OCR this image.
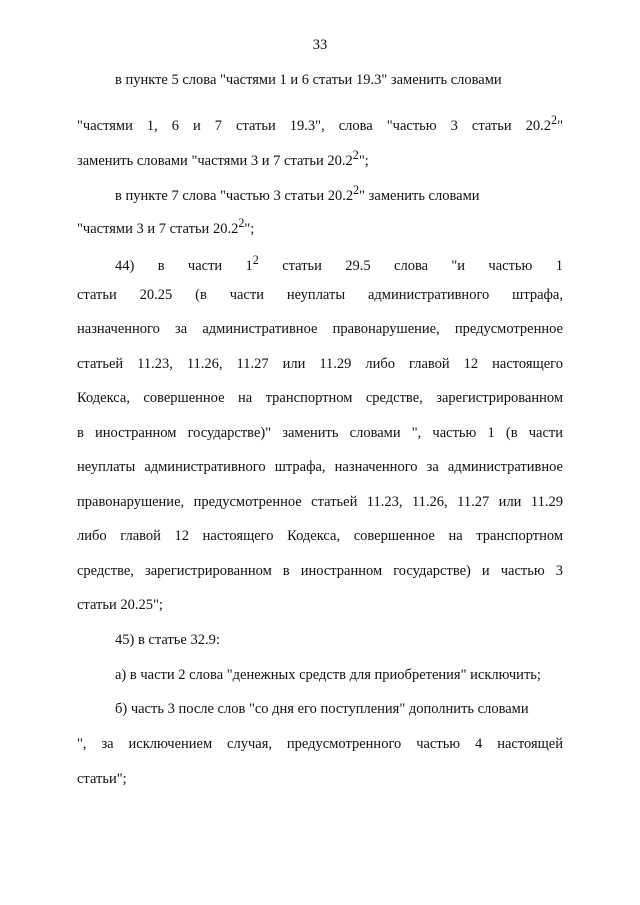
33
в пункте 5 слова "частями 1 и 6 статьи 19.3" заменить словами
"частями 1, 6 и 7 статьи 19.3", слова "частью 3 статьи 20.2$^2$"
заменить словами "частями 3 и 7 статьи 20.2$^2$";
в пункте 7 слова "частью 3 статьи 20.2$^2$" заменить словами
"частями 3 и 7 статьи 20.2$^2$";
44) в части $1^2$ статьи 29.5 слова "и частью 1
статьи 20.25 (в части неуплаты административного штрафа,
назначенного за административное правонарушение, предусмотренное
статьей 11.23, 11.26, 11.27 или 11.29 либо главой 12 настоящего
Кодекса, совершенное на транспортном средстве, зарегистрированном
в иностранном государстве)" заменить словами ", частью 1 (в части
неуплаты административного штрафа, назначенного за административное
правонарушение, предусмотренное статьей 11.23, 11.26, 11.27 или 11.29
либо главой 12 настоящего Кодекса, совершенное на транспортном
средстве, зарегистрированном в иностранном государстве) и частью 3
статьи 20.25";
45) в статье 32.9:
а) в части 2 слова "денежных средств для приобретения" исключить;
б) часть 3 после слов "со дня его поступления" дополнить словами
", за исключением случая, предусмотренного частью 4 настоящей
статьи";
